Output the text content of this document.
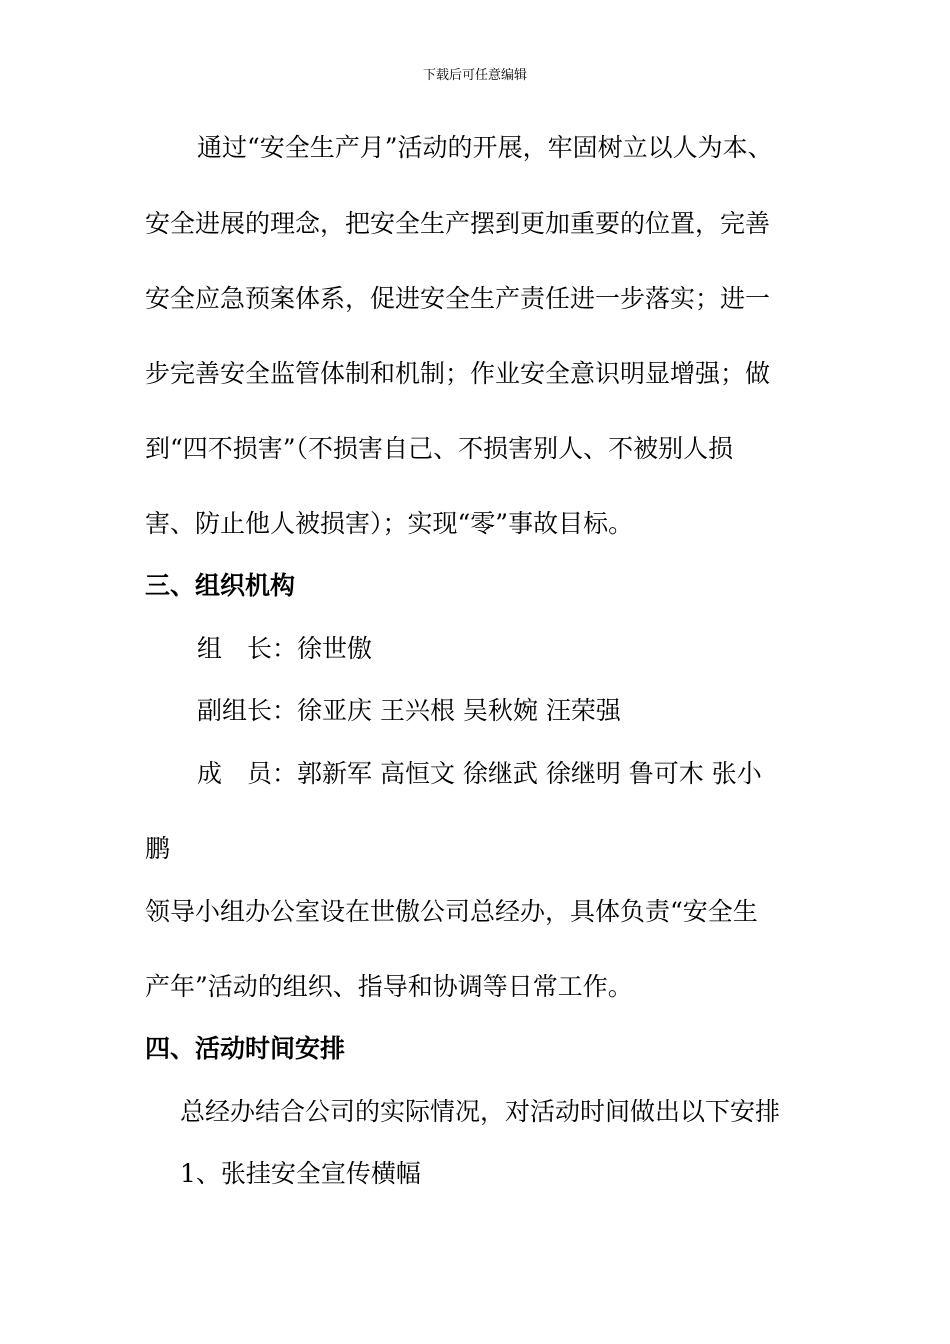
下载后可任意编辑
通过“安全生产月”活动的开展，牢固树立以人为本、
安全进展的理念，把安全生产摆到更加重要的位置，完善
安全应急预案体系，促进安全生产责任进一步落实；进一
步完善安全监管体制和机制；作业安全意识明显增强；做
到“四不损害”（不损害自己、不损害别人、不被别人损
害、防止他人被损害）；实现“零”事故目标。
三、组织机构
组　长：徐世傲
副组长：徐亚庆 王兴根 吴秋婉 汪荣强
成　员：郭新军 高恒文 徐继武 徐继明 鲁可木 张小
鹏
领导小组办公室设在世傲公司总经办，具体负责“安全生
产年”活动的组织、指导和协调等日常工作。
四、活动时间安排
总经办结合公司的实际情况，对活动时间做出以下安排
1、张挂安全宣传横幅
